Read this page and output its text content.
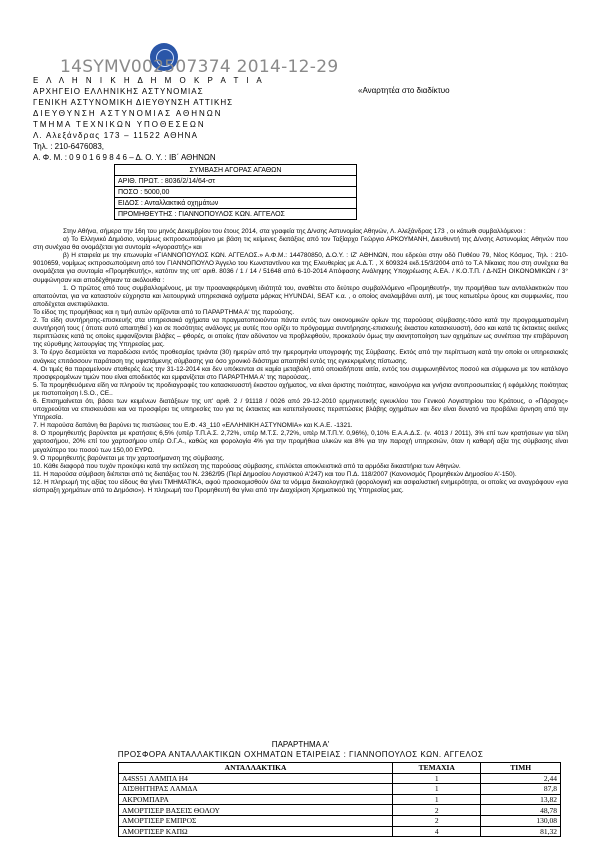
14SYMV002507374 2014-12-29
Ε Λ Λ Η Ν Ι Κ Η Δ Η Μ Ο Κ Ρ Α Τ Ι Α
ΑΡΧΗΓΕΙΟ ΕΛΛΗΝΙΚΗΣ ΑΣΤΥΝΟΜΙΑΣ
ΓΕΝΙΚΗ ΑΣΤΥΝΟΜΙΚΗ ΔΙΕΥΘΥΝΣΗ ΑΤΤΙΚΗΣ
ΔΙΕΥΘΥΝΣΗ ΑΣΤΥΝΟΜΙΑΣ ΑΘΗΝΩΝ
ΤΜΗΜΑ ΤΕΧΝΙΚΩΝ ΥΠΟΘΕΣΕΩΝ
Λ. Αλεξάνδρας 173 – 11522 ΑΘΗΝΑ
Τηλ. : 210-6476083,
Α. Φ. Μ. : 0 9 0 1 6 9 8 4 6 – Δ. Ο. Υ. : ΙΒ΄ ΑΘΗΝΩΝ
«Αναρτητέα στο διαδίκτυο
ΣΥΜΒΑΣΗ ΑΓΟΡΑΣ ΑΓΑΘΩΝ
ΑΡΙΘ. ΠΡΩΤ. : 8036/2/14/64-στ
ΠΟΣΟ : 5000,00
ΕΙΔΟΣ : Ανταλλακτικά οχημάτων
ΠΡΟΜΗΘΕΥΤΗΣ : ΓΙΑΝΝΟΠΟΥΛΟΣ ΚΩΝ. ΑΓΓΕΛΟΣ

Στην Αθήνα, σήμερα την 16η του μηνός Δεκεμβρίου του έτους 2014, στα γραφεία της Δ/νσης Αστυνομίας Αθηνών, Λ. Αλεξάνδρας 173 , οι κάτωθι συμβαλλόμενοι :

α) Το Ελληνικό Δημόσιο, νομίμως εκπροσωπούμενο με βάση τις κείμενες διατάξεις από τον Ταξίαρχο Γεώργιο ΑΡΚΟΥΜΑΝΗ, Διευθυντή της Δ/νσης Αστυνομίας Αθηνών που στη συνέχεια θα ονομάζεται για συντομία «Αγοραστής» και

β) Η εταιρεία με την επωνυμία «ΓΙΑΝΝΟΠΟΥΛΟΣ ΚΩΝ. ΑΓΓΕΛΟΣ.» Α.Φ.Μ.: 144780850, Δ.Ο.Υ. : ΙΖ' ΑΘΗΝΩΝ, που εδρεύει στην οδό Πυθέου 79, Νέος Κόσμος, Τηλ. : 210-9010659, νομίμως εκπροσωπούμενη από τον ΓΙΑΝΝΟΠΟΥΛΟ Άγγελο του Κωνσταντίνου και της Ελευθερίας με Α.Δ.Τ. , Χ 609324 εκδ.15/3/2004 από το Τ.Α Νίκαιας που στη συνέχεια θα ονομάζεται για συντομία «Προμηθευτής», κατόπιν της υπ' αριθ. 8036 / 1 / 14 / 51648 από 6-10-2014 Απόφασης Ανάληψης Υποχρέωσης Α.ΕΑ. / Κ.Ο.Τ.Π. / Δ-ΝΣΗ ΟΙΚΟΝΟΜΙΚΩΝ / 3° συμφώνησαν και αποδέχθηκαν τα ακόλουθα :

1. Ο πρώτος από τους συμβαλλομένους, με την προαναφερόμενη ιδιότητά του, αναθέτει στο δεύτερο συμβαλλόμενο «Προμηθευτή», την προμήθεια των ανταλλακτικών που απαιτούνται, για να καταστούν εύχρηστα και λειτουργικά υπηρεσιακά οχήματα μάρκας HYUNDAI, SEAT κ.α. , ο οποίος αναλαμβάνει αυτή, με τους κατωτέρω όρους και συμφωνίες, που αποδέχεται ανεπιφύλακτα.

Το είδος της προμήθειας και η τιμή αυτών ορίζονται από το ΠΑΡΑΡΤΗΜΑ Α' της παρούσης.

2. Τα είδη συντήρησης-επισκευής στα υπηρεσιακά οχήματα να πραγματοποιούνται πάντα εντός των οικονομικών ορίων της παρούσας σύμβασης-τόσο κατά την προγραμματισμένη συντήρησή τους ( όποτε αυτό απαιτηθεί ) και σε ποσότητες ανάλογες με αυτές που ορίζει το πρόγραμμα συντήρησης-επισκευής έκαστου κατασκευαστή, όσο και κατά τις έκτακτες εκείνες περιπτώσεις κατά τις οποίες εμφανίζονται βλάβες – φθορές, οι οποίες ήταν αδύνατον να προβλεφθούν, προκαλούν όμως την ακινητοποίηση των οχημάτων ως συνέπεια την επιβάρυνση της εύρυθμης λειτουργίας της Υπηρεσίας μας.

3. Το έργο δεσμεύεται να παραδώσει εντός προθεσμίας τριάντα (30) ημερών από την ημερομηνία υπογραφής της Σύμβασης. Εκτός από την περίπτωση κατά την οποία οι υπηρεσιακές ανάγκες επιτάσσουν παράταση της υφιστάμενης σύμβασης για όσο χρονικό διάστημα απαιτηθεί εντός της εγκεκριμένης πίστωσης.

4. Οι τιμές θα παραμείνουν σταθερές έως την 31-12-2014 και δεν υπόκεινται σε καμία μεταβολή από οποιαδήποτε αιτία, εντός του συμφωνηθέντος ποσού και σύμφωνα με τον κατάλογο προσφερομένων τιμών που είναι αποδεκτός και εμφανίζεται στο ΠΑΡΑΡΤΗΜΑ Α' της παρούσας..

5. Τα προμηθευόμενα είδη να πληρούν τις προδιαγραφές του κατασκευαστή έκαστου οχήματος, να είναι άριστης ποιότητας, καινούργια και γνήσια αντιπροσωπείας ή εφάμιλλης ποιότητας με πιστοποίηση I.S.O., CE..

6. Επισημαίνεται ότι, βάσει των κειμένων διατάξεων της υπ' αριθ. 2 / 91118 / 0026 από 29-12-2010 ερμηνευτικής εγκυκλίου του Γενικού Λογιστηρίου του Κράτους, ο «Πάροχος» υποχρεούται να επισκευάσει και να προσφέρει τις υπηρεσίες του για τις έκτακτες και κατεπείγουσες περιπτώσεις βλάβης οχημάτων και δεν είναι δυνατό να προβάλει άρνηση από την Υπηρεσία.

7. Η παρούσα δαπάνη θα βαρύνει τις πιστώσεις του Ε.Φ. 43_110 «ΕΛΛΗΝΙΚΗ ΑΣΤΥΝΟΜΙΑ» και Κ.Α.Ε. -1321.

8. Ο προμηθευτής βαρύνεται με κρατήσεις 6,5% (υπέρ Τ.Π.Α.Σ. 2,72%, υπέρ Μ.Τ.Σ. 2,72%, υπέρ Μ.Τ.Π.Υ. 0,96%), 0,10% Ε.Α.Α.Δ.Σ. (ν. 4013 / 2011), 3% επί των κρατήσεων για τέλη χαρτοσήμου, 20% επί του χαρτοσήμου υπέρ Ο.Γ.Α., καθώς και φορολογία 4% για την προμήθεια υλικών και 8% για την παροχή υπηρεσιών, όταν η καθαρή αξία της σύμβασης είναι μεγαλύτερο του ποσού των 150,00 ΕΥΡΩ.

9. Ο προμηθευτής βαρύνεται με την χαρτοσήμανση της σύμβασης.

10. Κάθε διαφορά που τυχόν προκύψει κατά την εκτέλεση της παρούσας σύμβασης, επιλύεται αποκλειστικά από τα αρμόδια δικαστήρια των Αθηνών.

11. Η παρούσα σύμβαση διέπεται από τις διατάξεις του Ν. 2362/95 (Περί Δημοσίου Λογιστικού Α'247) και του Π.Δ. 118/2007 (Κανονισμός Προμηθειών Δημοσίου Α'-150).

12. Η πληρωμή της αξίας του είδους θα γίνει ΤΜΗΜΑΤΙΚΑ, αφού προσκομισθούν όλα τα νόμιμα δικαιολογητικά (φορολογική και ασφαλιστική ενημερότητα, οι οποίες να αναγράφουν «για είσπραξη χρημάτων από το Δημόσιο»). Η πληρωμή του Προμηθευτή θα γίνει από την Διαχείριση Χρηματικού της Υπηρεσίας μας.

ΠΑΡΑΡΤΗΜΑ Α'
ΠΡΟΣΦΟΡΑ ΑΝΤΑΛΛΑΚΤΙΚΩΝ ΟΧΗΜΑΤΩΝ ΕΤΑΙΡΕΙΑΣ : ΓΙΑΝΝΟΠΟΥΛΟΣ ΚΩΝ. ΑΓΓΕΛΟΣ
ΑΝΤΑΛΛΑΚΤΙΚΑ	ΤΕΜΑΧΙΑ	ΤΙΜΗ
Α4SS51 ΛΑΜΠΑ Η4	1	2,44
ΑΙΣΘΗΤΗΡΑΣ ΛΑΜΔΑ	1	87,8
ΑΚΡΟΜΠΑΡΑ	1	13,82
ΑΜΟΡΤΙΣΕΡ ΒΑΣΕΙΣ ΘΟΛΟΥ	2	48,78
ΑΜΟΡΤΙΣΕΡ ΕΜΠΡΟΣ	2	130,08
ΑΜΟΡΤΙΣΕΡ ΚΑΠΩ	4	81,32
